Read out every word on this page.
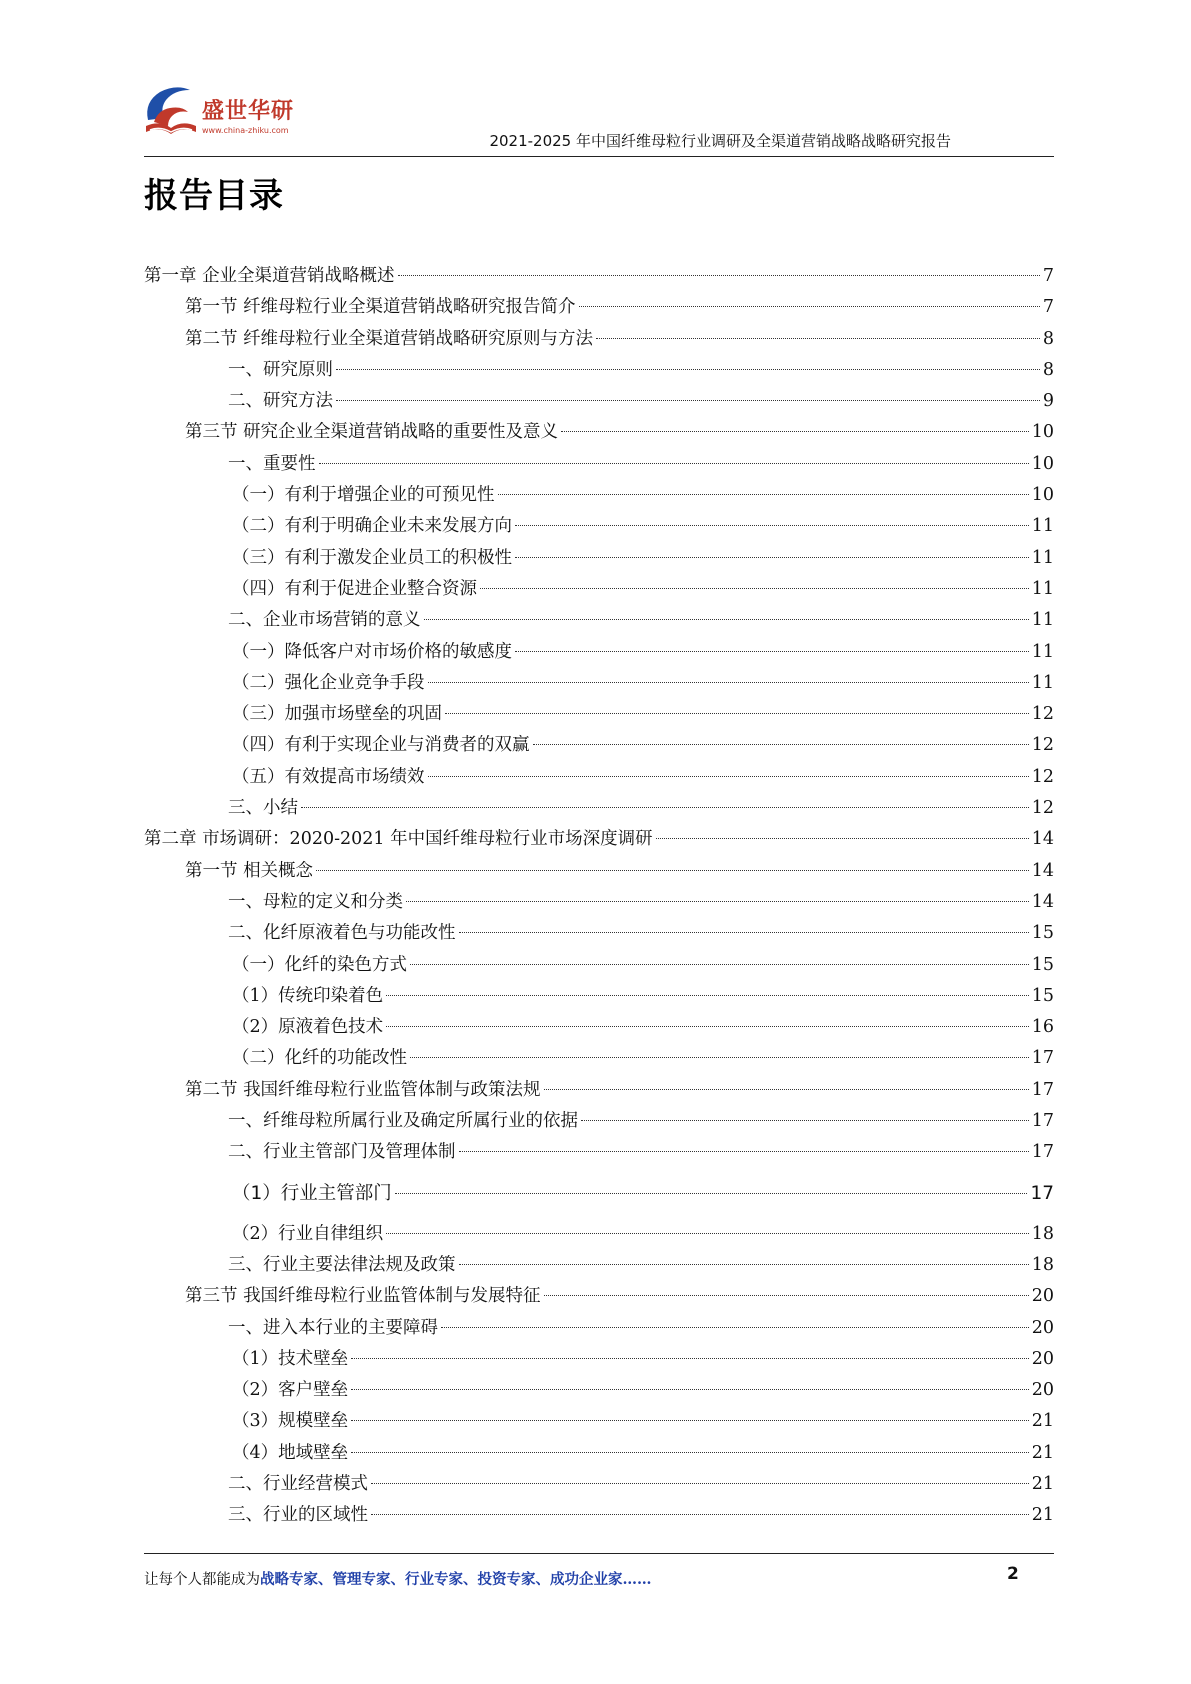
盛世华研
www.china-zhiku.com
2021-2025 年中国纤维母粒行业调研及全渠道营销战略战略研究报告
报告目录
第一章 企业全渠道营销战略概述	7
第一节 纤维母粒行业全渠道营销战略研究报告简介	7
第二节 纤维母粒行业全渠道营销战略研究原则与方法	8
一、研究原则	8
二、研究方法	9
第三节 研究企业全渠道营销战略的重要性及意义	10
一、重要性	10
（一）有利于增强企业的可预见性	10
（二）有利于明确企业未来发展方向	11
（三）有利于激发企业员工的积极性	11
（四）有利于促进企业整合资源	11
二、企业市场营销的意义	11
（一）降低客户对市场价格的敏感度	11
（二）强化企业竞争手段	11
（三）加强市场壁垒的巩固	12
（四）有利于实现企业与消费者的双赢	12
（五）有效提高市场绩效	12
三、小结	12
第二章 市场调研：2020-2021 年中国纤维母粒行业市场深度调研	14
第一节 相关概念	14
一、母粒的定义和分类	14
二、化纤原液着色与功能改性	15
（一）化纤的染色方式	15
（1）传统印染着色	15
（2）原液着色技术	16
（二）化纤的功能改性	17
第二节 我国纤维母粒行业监管体制与政策法规	17
一、纤维母粒所属行业及确定所属行业的依据	17
二、行业主管部门及管理体制	17
（1）行业主管部门	17
（2）行业自律组织	18
三、行业主要法律法规及政策	18
第三节 我国纤维母粒行业监管体制与发展特征	20
一、进入本行业的主要障碍	20
（1）技术壁垒	20
（2）客户壁垒	20
（3）规模壁垒	21
（4）地域壁垒	21
二、行业经营模式	21
三、行业的区域性	21
让每个人都能成为战略专家、管理专家、行业专家、投资专家、成功企业家……	2
